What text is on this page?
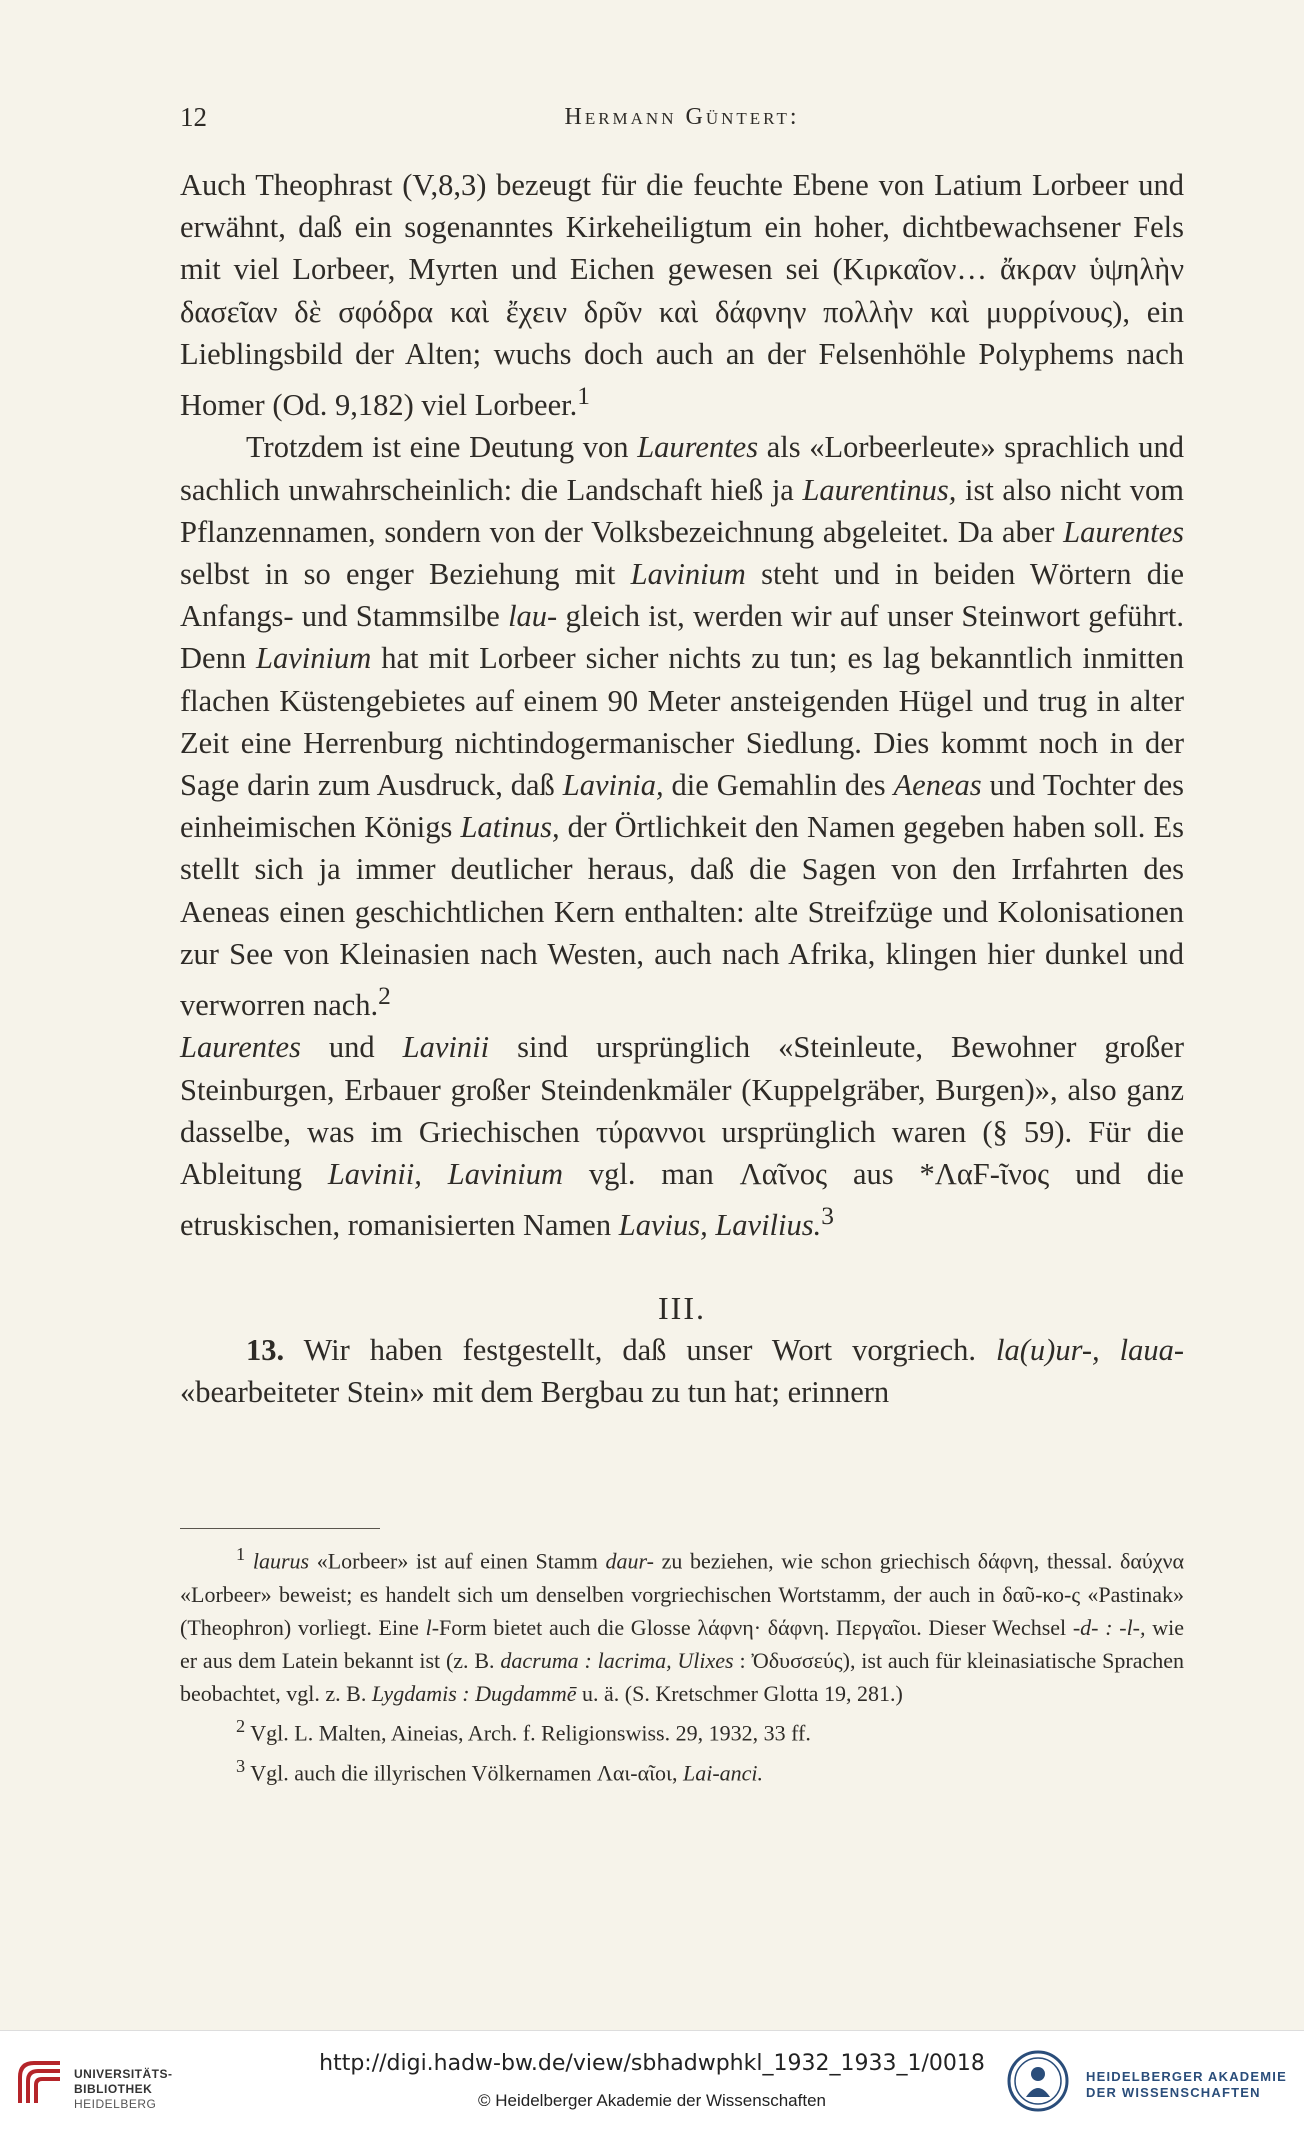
12	Hermann Güntert:

Auch Theophrast (V,8,3) bezeugt für die feuchte Ebene von Latium Lorbeer und erwähnt, daß ein sogenanntes Kirkeheiligtum ein hoher, dichtbewachsener Fels mit viel Lorbeer, Myrten und Eichen gewesen sei (Κιρκαῖον… ἄκραν ὑψηλὴν δασεῖαν δὲ σφόδρα καὶ ἔχειν δρῦν καὶ δάφνην πολλὴν καὶ μυρρίνους), ein Lieblingsbild der Alten; wuchs doch auch an der Felsenhöhle Polyphems nach Homer (Od. 9,182) viel Lorbeer.$^1$

Trotzdem ist eine Deutung von Laurentes als «Lorbeerleute» sprachlich und sachlich unwahrscheinlich: die Landschaft hieß ja Laurentinus, ist also nicht vom Pflanzennamen, sondern von der Volksbezeichnung abgeleitet. Da aber Laurentes selbst in so enger Beziehung mit Lavinium steht und in beiden Wörtern die Anfangs- und Stammsilbe lau- gleich ist, werden wir auf unser Steinwort geführt. Denn Lavinium hat mit Lorbeer sicher nichts zu tun; es lag bekanntlich inmitten flachen Küstengebietes auf einem 90 Meter ansteigenden Hügel und trug in alter Zeit eine Herrenburg nichtindogermanischer Siedlung. Dies kommt noch in der Sage darin zum Ausdruck, daß Lavinia, die Gemahlin des Aeneas und Tochter des einheimischen Königs Latinus, der Örtlichkeit den Namen gegeben haben soll. Es stellt sich ja immer deutlicher heraus, daß die Sagen von den Irrfahrten des Aeneas einen geschichtlichen Kern enthalten: alte Streifzüge und Kolonisationen zur See von Kleinasien nach Westen, auch nach Afrika, klingen hier dunkel und verworren nach.$^2$

Laurentes und Lavinii sind ursprünglich «Steinleute, Bewohner großer Steinburgen, Erbauer großer Steindenkmäler (Kuppelgräber, Burgen)», also ganz dasselbe, was im Griechischen τύραννοι ursprünglich waren (§ 59). Für die Ableitung Lavinii, Lavinium vgl. man Λαῖνος aus *ΛαϜ-ῖνος und die etruskischen, romanisierten Namen Lavius, Lavilius.$^3$

III.

13. Wir haben festgestellt, daß unser Wort vorgriech. la(u)ur-, laua- «bearbeiteter Stein» mit dem Bergbau zu tun hat; erinnern

$^1$ laurus «Lorbeer» ist auf einen Stamm daur- zu beziehen, wie schon griechisch δάφνη, thessal. δαύχνα «Lorbeer» beweist; es handelt sich um denselben vorgriechischen Wortstamm, der auch in δαῦ-κο-ς «Pastinak» (Theophron) vorliegt. Eine l-Form bietet auch die Glosse λάφνη· δάφνη. Περγαῖοι. Dieser Wechsel -d- : -l-, wie er aus dem Latein bekannt ist (z. B. dacruma : lacrima, Ulixes : Ὀδυσσεύς), ist auch für kleinasiatische Sprachen beobachtet, vgl. z. B. Lygdamis : Dugdammē u. ä. (S. Kretschmer Glotta 19, 281.)

$^2$ Vgl. L. Malten, Aineias, Arch. f. Religionswiss. 29, 1932, 33 ff.

$^3$ Vgl. auch die illyrischen Völkernamen Λαι-αῖοι, Lai-anci.

UNIVERSITÄTS-
BIBLIOTHEK
HEIDELBERG
http://digi.hadw-bw.de/view/sbhadwphkl_1932_1933_1/0018
© Heidelberger Akademie der Wissenschaften
HEIDELBERGER AKADEMIE
DER WISSENSCHAFTEN
